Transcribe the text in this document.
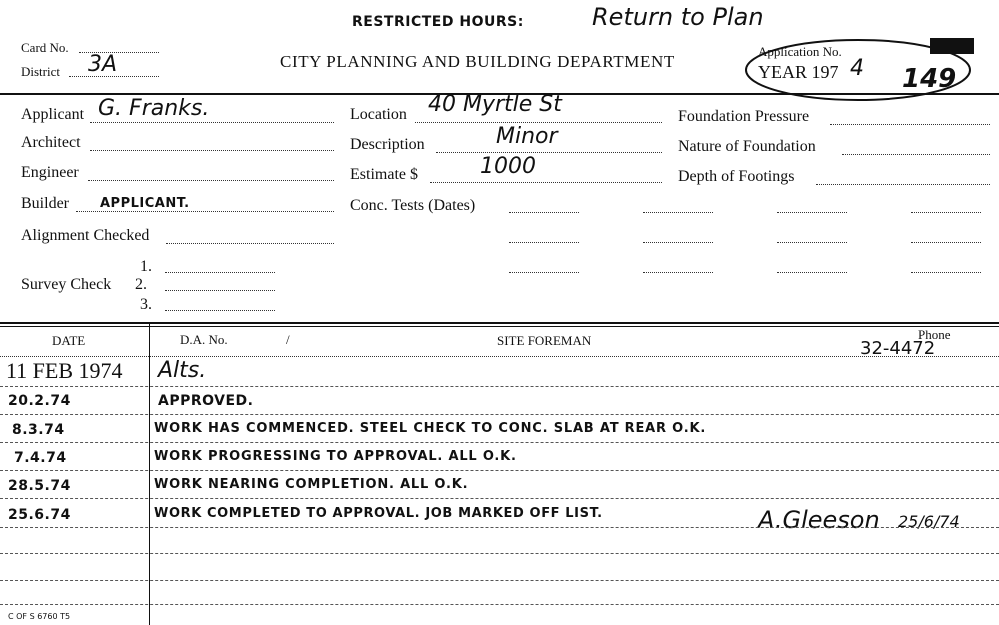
RESTRICTED HOURS:	Return to Plan
Card No.
District 3A	CITY PLANNING AND BUILDING DEPARTMENT
Application No.
YEAR 197 4 149
Applicant G. Franks.
Architect
Engineer
Builder APPLICANT.
Alignment Checked
1.
Survey Check 2.
3.
Location 40 Myrtle St
Description	Minor
Estimate $	1000
Conc. Tests (Dates)
Foundation Pressure
Nature of Foundation
Depth of Footings
DATE	D.A. No.	/	SITE FOREMAN	Phone
32-4472
11 FEB 1974 Alts.
20.2.74	APPROVED.
8.3.74	WORK HAS COMMENCED. STEEL CHECK TO CONC. SLAB AT REAR O.K.
7.4.74	WORK PROGRESSING TO APPROVAL. ALL O.K.
28.5.74	WORK NEARING COMPLETION. ALL O.K.
25.6.74	WORK COMPLETED TO APPROVAL. JOB MARKED OFF LIST.	A.Gleeson 25/6/74
C OF S 6760 T5
